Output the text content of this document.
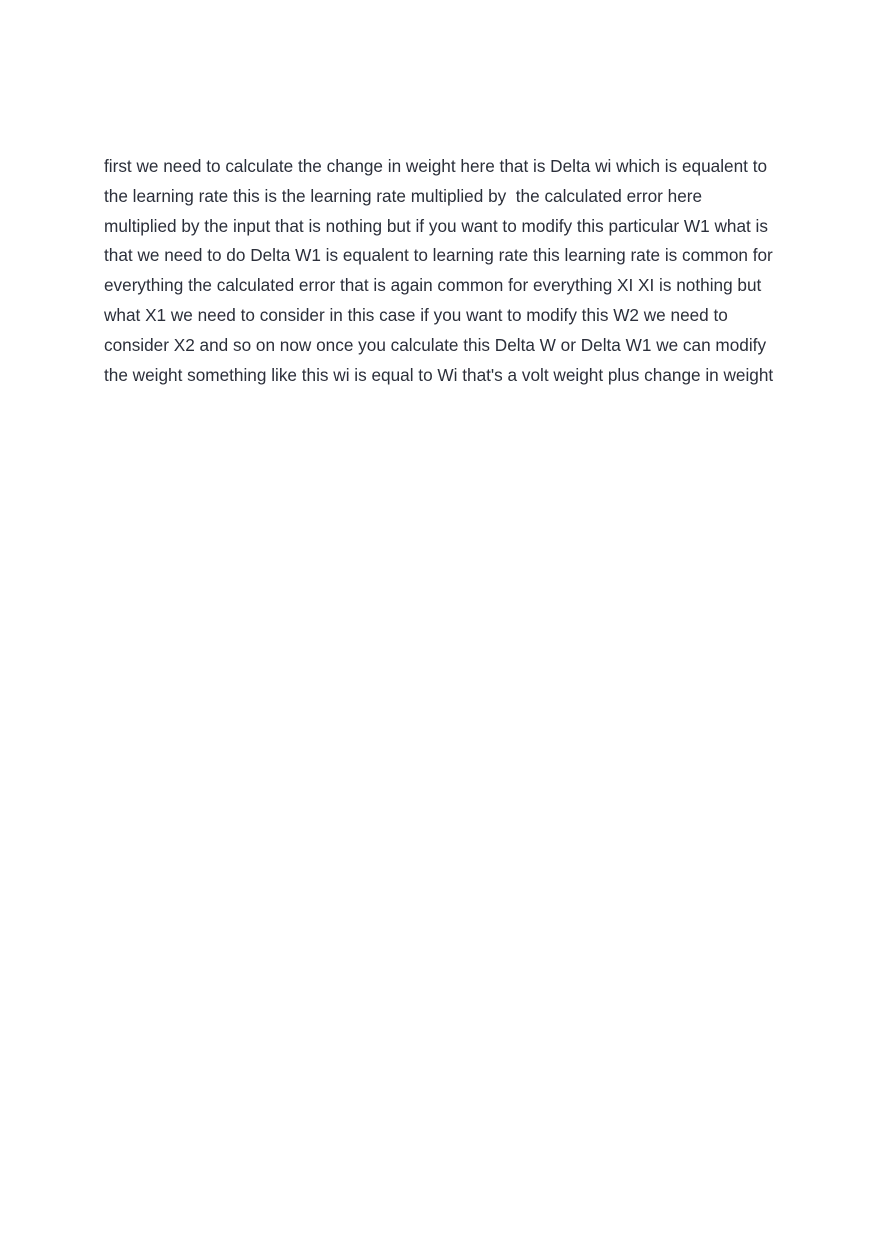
first we need to calculate the change in weight here that is Delta wi which is equalent to
the learning rate this is the learning rate multiplied by  the calculated error here
multiplied by the input that is nothing but if you want to modify this particular W1 what is
that we need to do Delta W1 is equalent to learning rate this learning rate is common for
everything the calculated error that is again common for everything XI XI is nothing but
what X1 we need to consider in this case if you want to modify this W2 we need to
consider X2 and so on now once you calculate this Delta W or Delta W1 we can modify
the weight something like this wi is equal to Wi that's a volt weight plus change in weight
